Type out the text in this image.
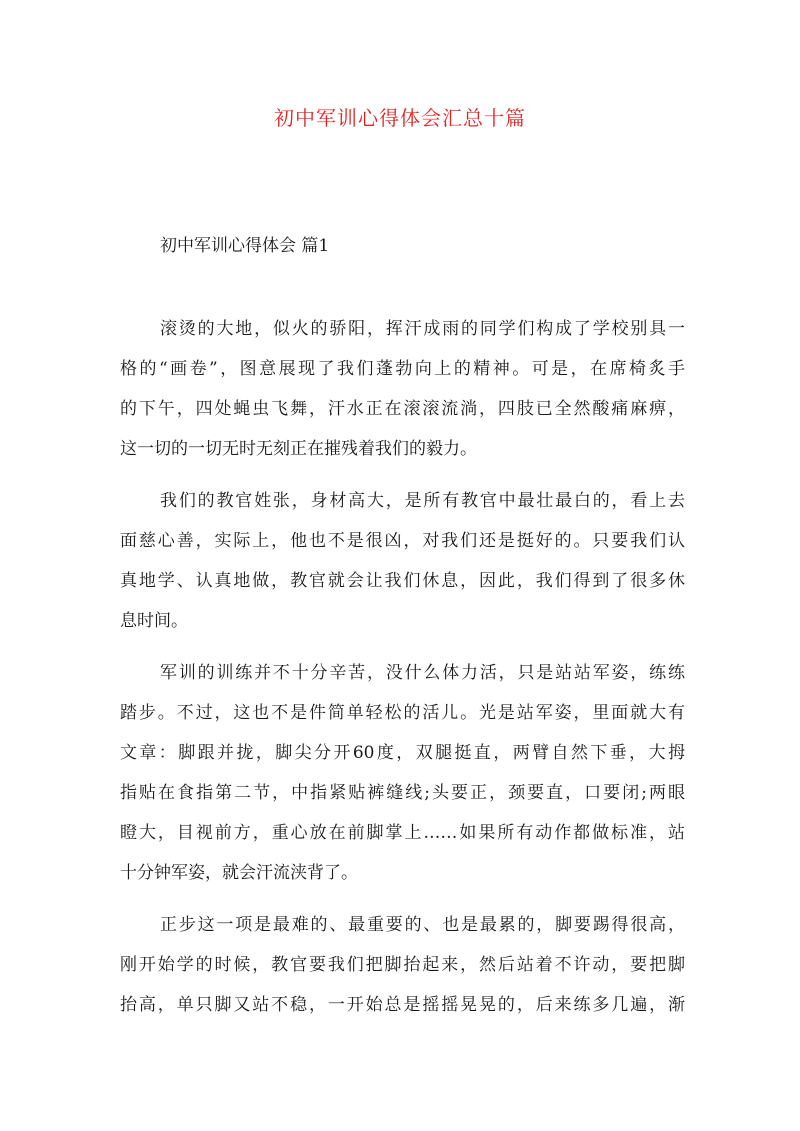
初中军训心得体会汇总十篇
初中军训心得体会 篇1
滚烫的大地，似火的骄阳，挥汗成雨的同学们构成了学校别具一
格的“画卷”，图意展现了我们蓬勃向上的精神。可是，在席椅炙手
的下午，四处蝇虫飞舞，汗水正在滚滚流淌，四肢已全然酸痛麻痹，
这一切的一切无时无刻正在摧残着我们的毅力。
我们的教官姓张，身材高大，是所有教官中最壮最白的，看上去
面慈心善，实际上，他也不是很凶，对我们还是挺好的。只要我们认
真地学、认真地做，教官就会让我们休息，因此，我们得到了很多休
息时间。
军训的训练并不十分辛苦，没什么体力活，只是站站军姿，练练
踏步。不过，这也不是件简单轻松的活儿。光是站军姿，里面就大有
文章：脚跟并拢，脚尖分开60度，双腿挺直，两臂自然下垂，大拇
指贴在食指第二节，中指紧贴裤缝线;头要正，颈要直，口要闭;两眼
瞪大，目视前方，重心放在前脚掌上……如果所有动作都做标准，站
十分钟军姿，就会汗流浃背了。
正步这一项是最难的、最重要的、也是最累的，脚要踢得很高，
刚开始学的时候，教官要我们把脚抬起来，然后站着不许动，要把脚
抬高，单只脚又站不稳，一开始总是摇摇晃晃的，后来练多几遍，渐
